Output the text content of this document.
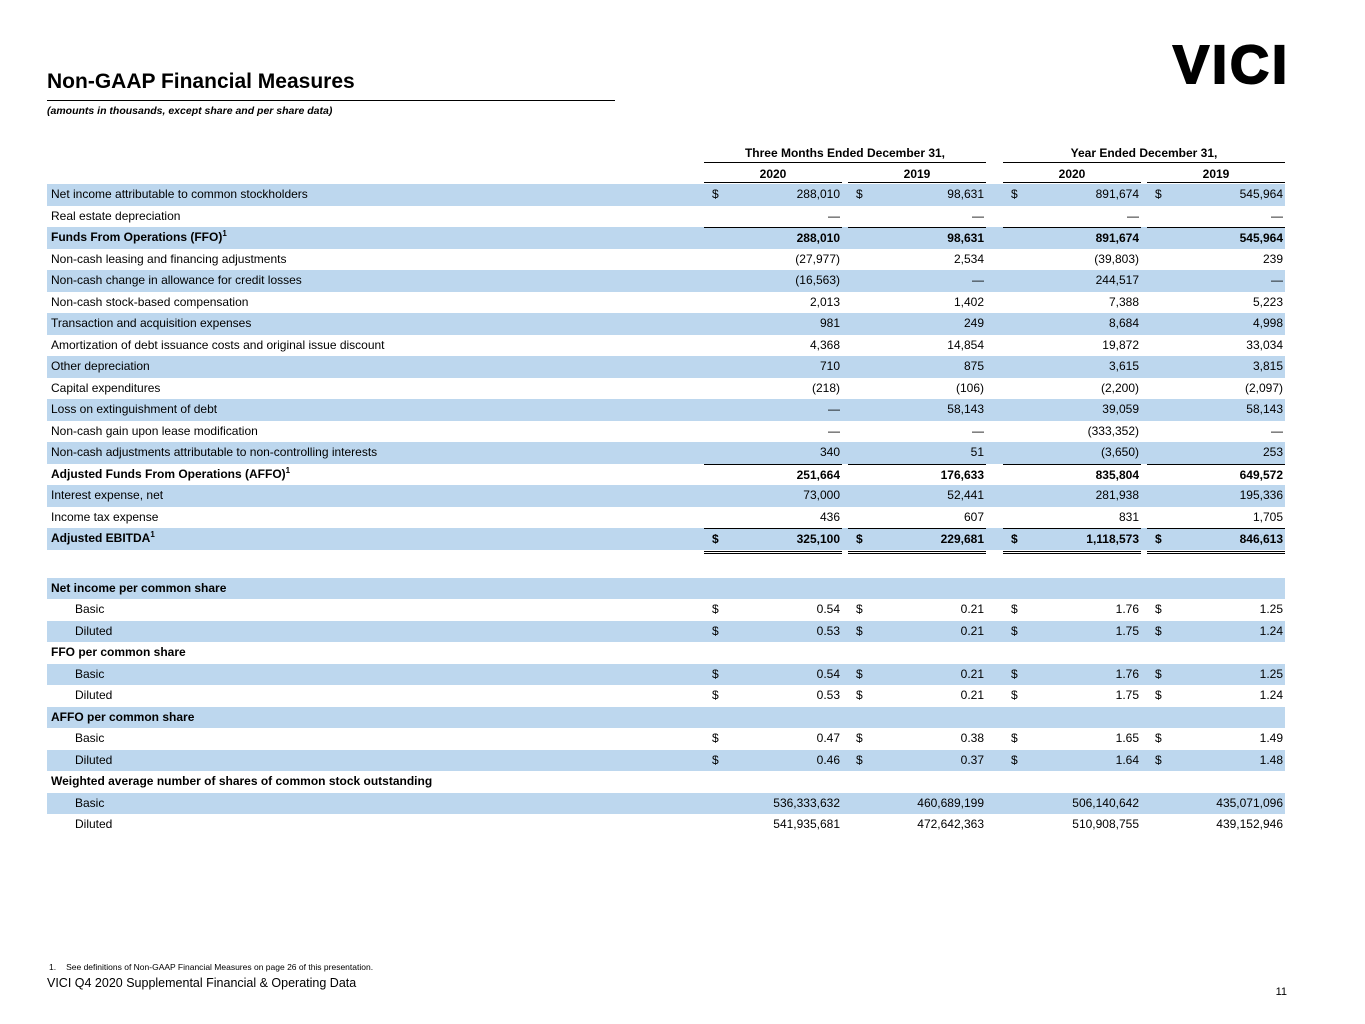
Non-GAAP Financial Measures
(amounts in thousands, except share and per share data)
VICI
Three Months Ended December 31,	Year Ended December 31,
2020	2019	2020	2019
Net income attributable to common stockholders	$	288,010 $	98,631 $	891,674 $	545,964
Real estate depreciation	—	—	—	—
Funds From Operations (FFO)$^1$	288,010	98,631	891,674	545,964
Non-cash leasing and financing adjustments	(27,977)	2,534	(39,803)	239
Non-cash change in allowance for credit losses	(16,563)	—	244,517	—
Non-cash stock-based compensation	2,013	1,402	7,388	5,223
Transaction and acquisition expenses	981	249	8,684	4,998
Amortization of debt issuance costs and original issue discount	4,368	14,854	19,872	33,034
Other depreciation	710	875	3,615	3,815
Capital expenditures	(218)	(106)	(2,200)	(2,097)
Loss on extinguishment of debt	—	58,143	39,059	58,143
Non-cash gain upon lease modification	—	—	(333,352)	—
Non-cash adjustments attributable to non-controlling interests	340	51	(3,650)	253
Adjusted Funds From Operations (AFFO)$^1$	251,664	176,633	835,804	649,572
Interest expense, net	73,000	52,441	281,938	195,336
Income tax expense	436	607	831	1,705
Adjusted EBITDA$^1$	$	325,100 $	229,681 $	1,118,573 $	846,613
Net income per common share
Basic	$	0.54 $	0.21 $	1.76 $	1.25
Diluted	$	0.53 $	0.21 $	1.75 $	1.24
FFO per common share
Basic	$	0.54 $	0.21 $	1.76 $	1.25
Diluted	$	0.53 $	0.21 $	1.75 $	1.24
AFFO per common share
Basic	$	0.47 $	0.38 $	1.65 $	1.49
Diluted	$	0.46 $	0.37 $	1.64 $	1.48
Weighted average number of shares of common stock outstanding
Basic	536,333,632	460,689,199	506,140,642	435,071,096
Diluted	541,935,681	472,642,363	510,908,755	439,152,946
1. See definitions of Non-GAAP Financial Measures on page 26 of this presentation.
VICI Q4 2020 Supplemental Financial & Operating Data
11
